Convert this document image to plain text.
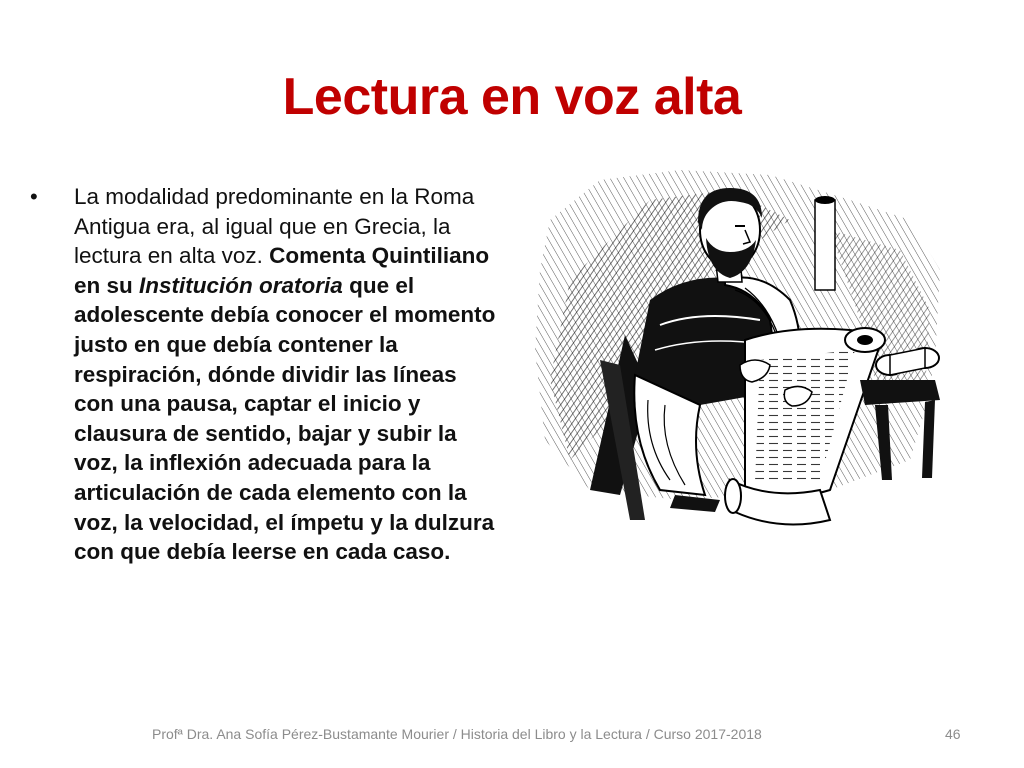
Lectura en voz alta
•	La modalidad predominante en la Roma Antigua era, al igual que en Grecia, la lectura en alta voz. Comenta Quintiliano en su Institución oratoria que el adolescente debía conocer el momento justo en que debía contener la respiración, dónde dividir las líneas con una pausa, captar el inicio y clausura de sentido, bajar y subir la voz, la inflexión adecuada para la articulación de cada elemento con la voz, la velocidad, el ímpetu y la dulzura con que debía leerse en cada caso.
Profª Dra. Ana Sofía Pérez-Bustamante Mourier / Historia del Libro y la Lectura / Curso 2017-2018	46
